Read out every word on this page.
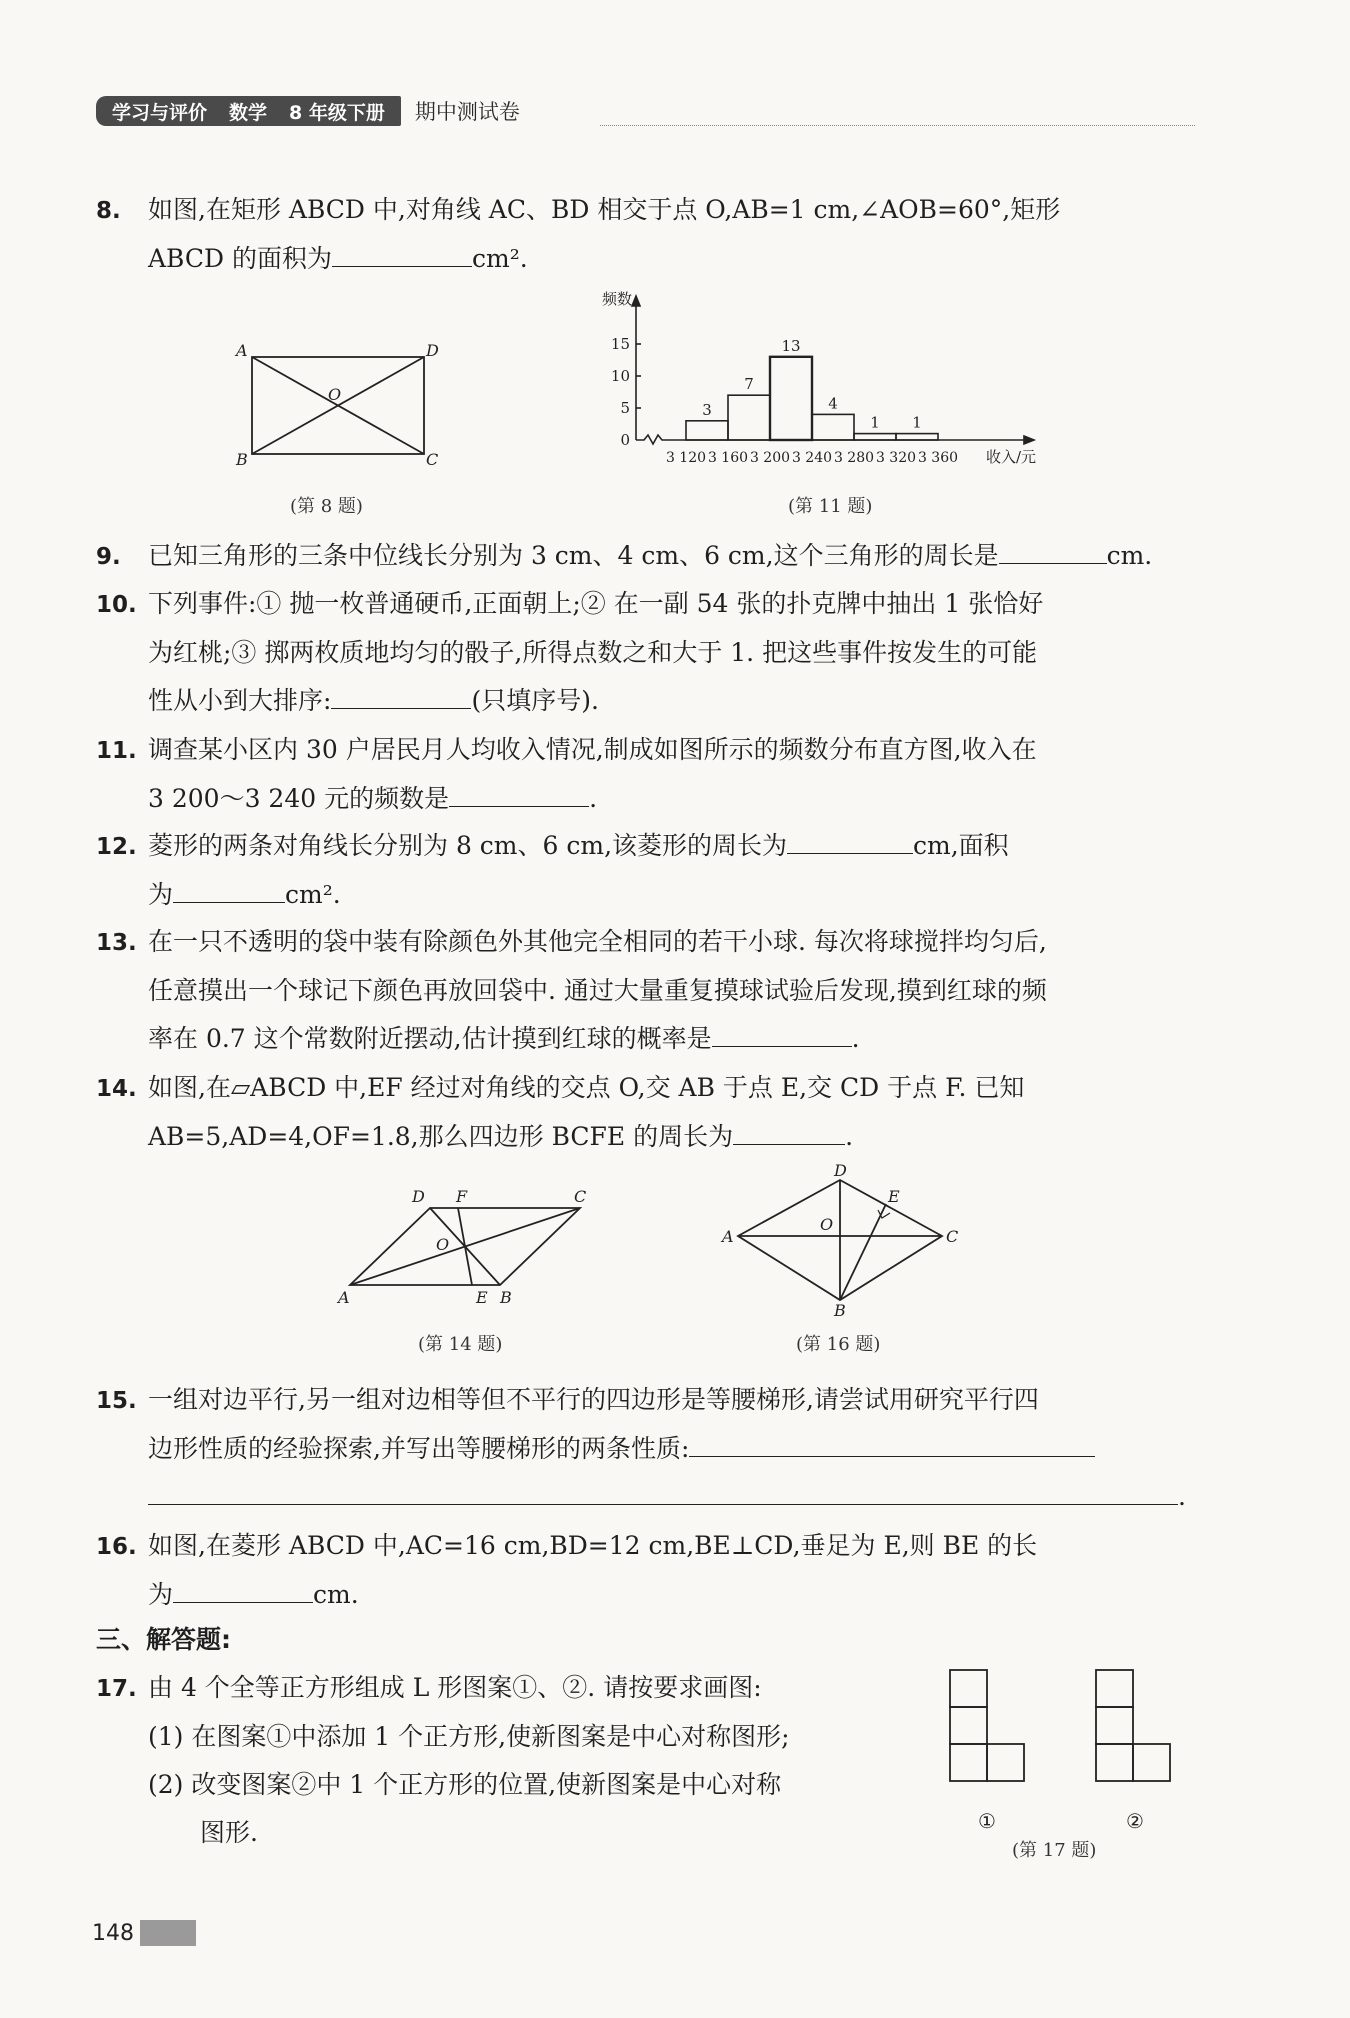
学习与评价 数学 8 年级下册 期中测试卷
8. 如图,在矩形 ABCD 中,对角线 AC、BD 相交于点 O,AB=1 cm,∠AOB=60°,矩形
ABCD 的面积为	cm².
A	D
B	C
O
(第 8 题)
0
5
10
15
频数
3
7
13
4
1 1
3 120 3 160 3 200 3 240 3 280 3 320 3 360 收入/元
(第 11 题)
9. 已知三角形的三条中位线长分别为 3 cm、4 cm、6 cm,这个三角形的周长是	cm.
10. 下列事件:① 抛一枚普通硬币,正面朝上;② 在一副 54 张的扑克牌中抽出 1 张恰好
为红桃;③ 掷两枚质地均匀的骰子,所得点数之和大于 1. 把这些事件按发生的可能
性从小到大排序:	(只填序号).
11. 调查某小区内 30 户居民月人均收入情况,制成如图所示的频数分布直方图,收入在
3 200～3 240 元的频数是	.
12. 菱形的两条对角线长分别为 8 cm、6 cm,该菱形的周长为	cm,面积
为	cm².
13. 在一只不透明的袋中装有除颜色外其他完全相同的若干小球. 每次将球搅拌均匀后,
任意摸出一个球记下颜色再放回袋中. 通过大量重复摸球试验后发现,摸到红球的频
率在 0.7 这个常数附近摆动,估计摸到红球的概率是	.
14. 如图,在▱ABCD 中,EF 经过对角线的交点 O,交 AB 于点 E,交 CD 于点 F. 已知
AB=5,AD=4,OF=1.8,那么四边形 BCFE 的周长为	.
A	B
E
D F	C
O
(第 14 题)
D
A	C
B
E
O
(第 16 题)
15. 一组对边平行,另一组对边相等但不平行的四边形是等腰梯形,请尝试用研究平行四
边形性质的经验探索,并写出等腰梯形的两条性质:
.
16. 如图,在菱形 ABCD 中,AC=16 cm,BD=12 cm,BE⊥CD,垂足为 E,则 BE 的长
为	cm.
三、解答题:
17. 由 4 个全等正方形组成 L 形图案①、②. 请按要求画图:
(1) 在图案①中添加 1 个正方形,使新图案是中心对称图形;
(2) 改变图案②中 1 个正方形的位置,使新图案是中心对称
图形.	①	②
(第 17 题)
148
